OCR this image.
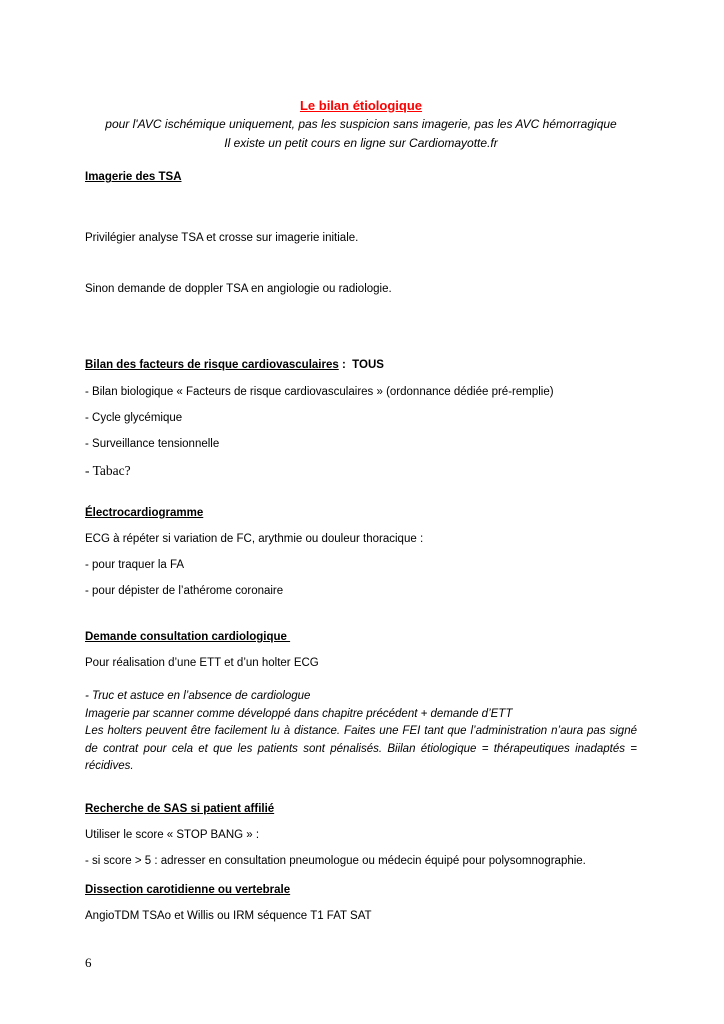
Le bilan étiologique
pour l'AVC ischémique uniquement, pas les suspicion sans imagerie, pas les AVC hémorragique
Il existe un petit cours en ligne sur Cardiomayotte.fr
Imagerie des TSA

Privilégier analyse TSA et crosse sur imagerie initiale.

Sinon demande de doppler TSA en angiologie ou radiologie.

Bilan des facteurs de risque cardiovasculaires :  TOUS
- Bilan biologique « Facteurs de risque cardiovasculaires » (ordonnance dédiée pré-remplie)
- Cycle glycémique
- Surveillance tensionnelle
- Tabac?
Électrocardiogramme
ECG à répéter si variation de FC, arythmie ou douleur thoracique :
- pour traquer la FA
- pour dépister de l’athérome coronaire
Demande consultation cardiologique
Pour réalisation d’une ETT et d’un holter ECG
- Truc et astuce en l’absence de cardiologue
Imagerie par scanner comme développé dans chapitre précédent + demande d’ETT
Les holters peuvent être facilement lu à distance. Faites une FEI tant que l’administration n’aura pas signé de contrat pour cela et que les patients sont pénalisés. Biilan étiologique = thérapeutiques inadaptés = récidives.
Recherche de SAS si patient affilié
Utiliser le score « STOP BANG » :
- si score > 5 : adresser en consultation pneumologue ou médecin équipé pour polysomnographie.
Dissection carotidienne ou vertebrale
AngioTDM TSAo et Willis ou IRM séquence T1 FAT SAT
6
